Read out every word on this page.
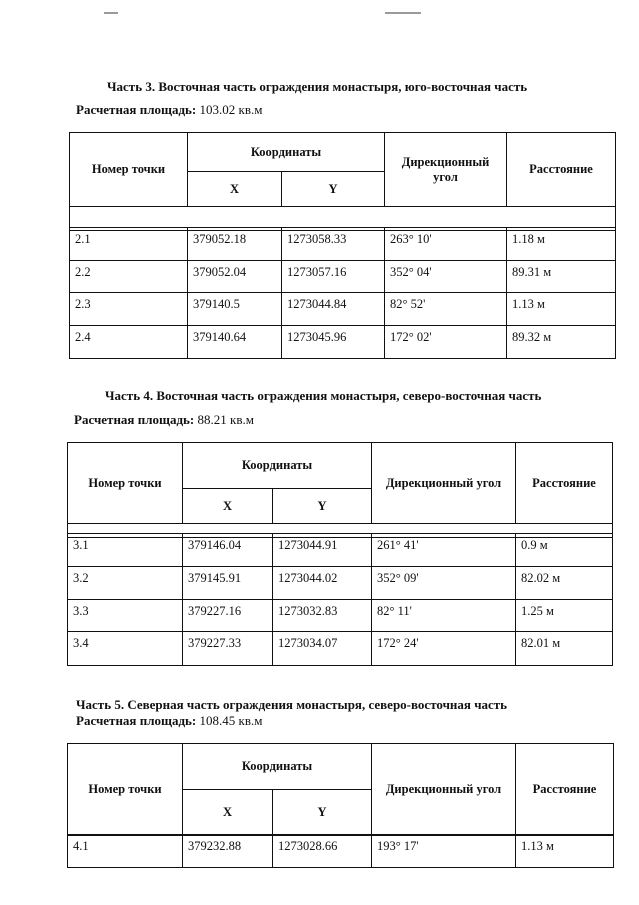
Часть 3. Восточная часть ограждения монастыря, юго-восточная часть
Расчетная площадь: 103.02 кв.м
Номер точки	Координаты		Дирекционный угол	Расстояние
	X	Y		

2.1	379052.18	1273058.33	263° 10'	1.18 м
2.2	379052.04	1273057.16	352° 04'	89.31 м
2.3	379140.5	1273044.84	82° 52'	1.13 м
2.4	379140.64	1273045.96	172° 02'	89.32 м
Часть 4. Восточная часть ограждения монастыря, северо-восточная часть
Расчетная площадь: 88.21 кв.м
Номер точки	Координаты		Дирекционный угол	Расстояние
	X	Y		

3.1	379146.04	1273044.91	261° 41'	0.9 м
3.2	379145.91	1273044.02	352° 09'	82.02 м
3.3	379227.16	1273032.83	82° 11'	1.25 м
3.4	379227.33	1273034.07	172° 24'	82.01 м
Часть 5. Северная часть ограждения монастыря, северо-восточная часть
Расчетная площадь: 108.45 кв.м
Номер точки	Координаты		Дирекционный угол	Расстояние
	X	Y		
4.1	379232.88	1273028.66	193° 17'	1.13 м
